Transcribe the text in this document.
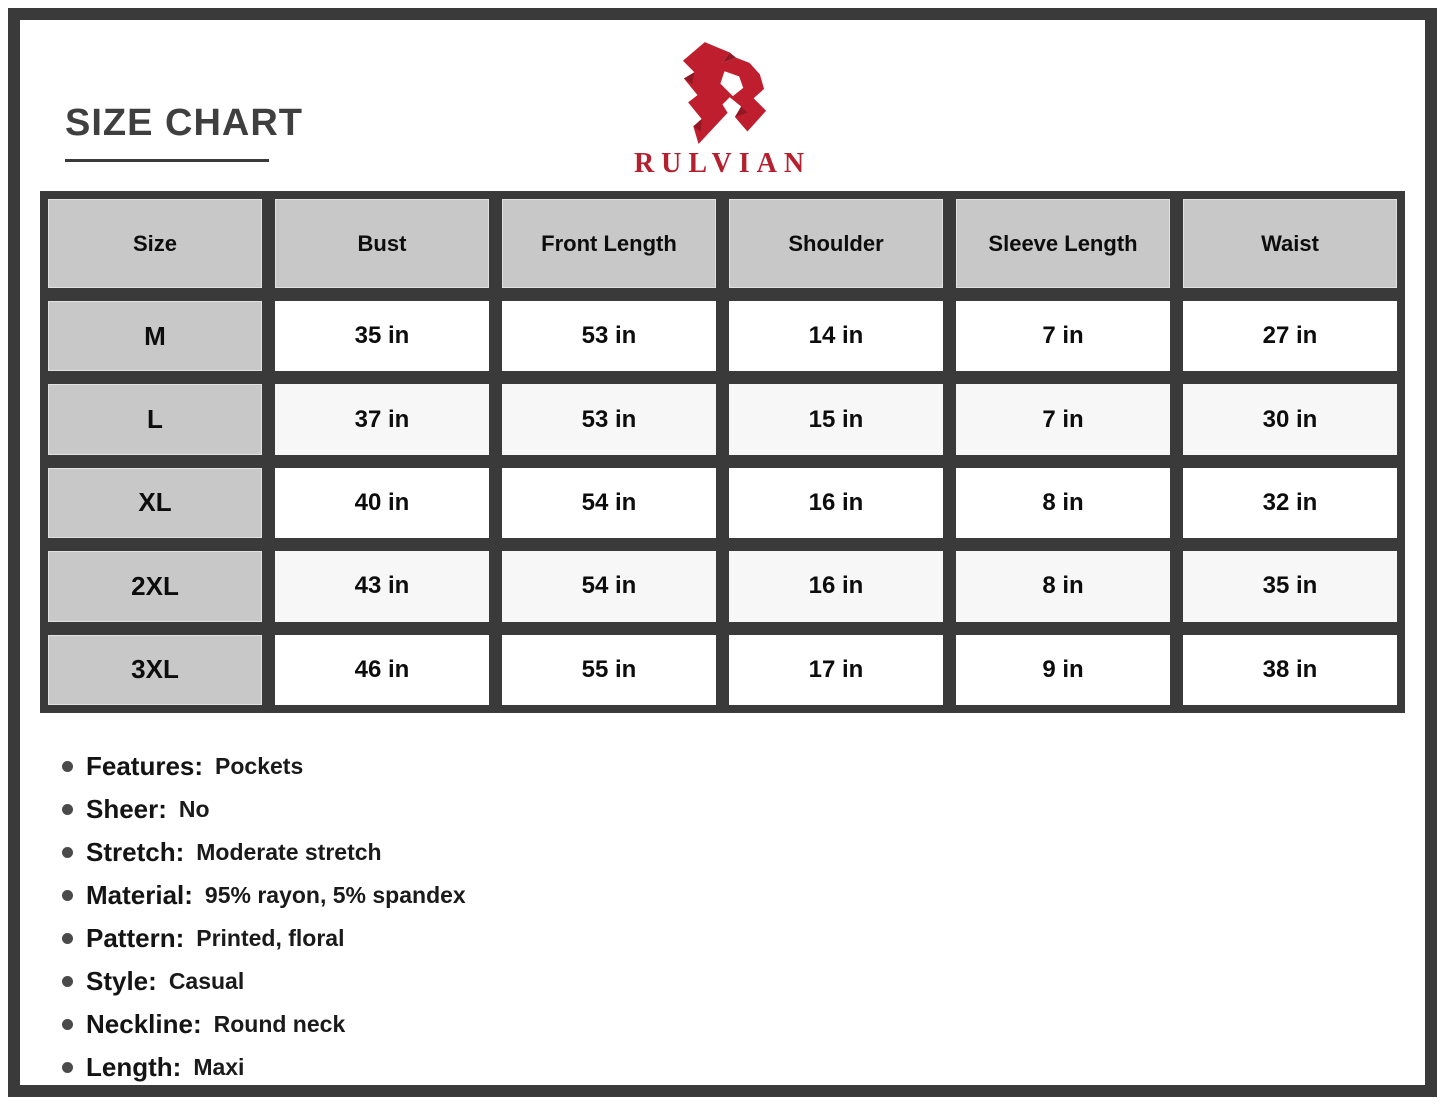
SIZE CHART
RULVIAN
Size	Bust	Front Length	Shoulder	Sleeve Length	Waist
M	35 in	53 in	14 in	7 in	27 in
L	37 in	53 in	15 in	7 in	30 in
XL	40 in	54 in	16 in	8 in	32 in
2XL	43 in	54 in	16 in	8 in	35 in
3XL	46 in	55 in	17 in	9 in	38 in
Features: Pockets
Sheer: No
Stretch: Moderate stretch
Material: 95% rayon, 5% spandex
Pattern: Printed, floral
Style: Casual
Neckline: Round neck
Length: Maxi
